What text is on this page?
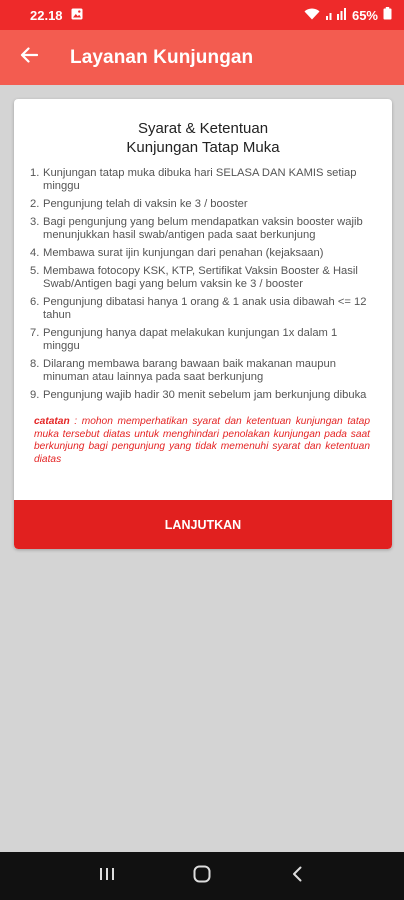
22.18	65%
Layanan Kunjungan
Syarat & Ketentuan
Kunjungan Tatap Muka
1. Kunjungan tatap muka dibuka hari SELASA DAN KAMIS setiap minggu
2. Pengunjung telah di vaksin ke 3 / booster
3. Bagi pengunjung yang belum mendapatkan vaksin booster wajib menunjukkan hasil swab/antigen pada saat berkunjung
4. Membawa surat ijin kunjungan dari penahan (kejaksaan)
5. Membawa fotocopy KSK, KTP, Sertifikat Vaksin Booster & Hasil Swab/Antigen bagi yang belum vaksin ke 3 / booster
6. Pengunjung dibatasi hanya 1 orang & 1 anak usia dibawah <= 12 tahun
7. Pengunjung hanya dapat melakukan kunjungan 1x dalam 1 minggu
8. Dilarang membawa barang bawaan baik makanan maupun minuman atau lainnya pada saat berkunjung
9. Pengunjung wajib hadir 30 menit sebelum jam berkunjung dibuka

catatan : mohon memperhatikan syarat dan ketentuan kunjungan tatap muka tersebut diatas untuk menghindari penolakan kunjungan pada saat berkunjung bagi pengunjung yang tidak memenuhi syarat dan ketentuan diatas

LANJUTKAN
